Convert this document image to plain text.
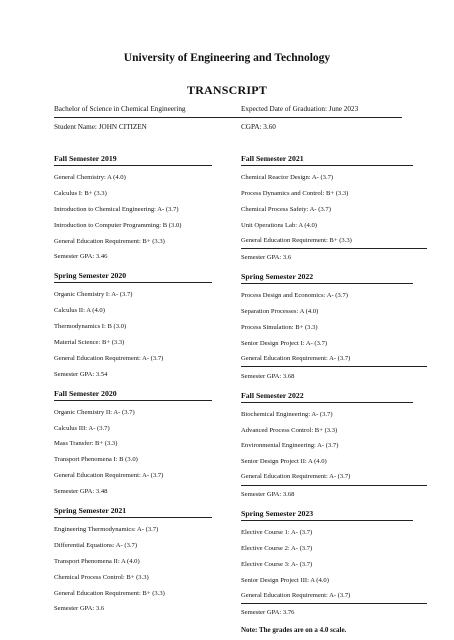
University of Engineering and Technology
TRANSCRIPT
Bachelor of Science in Chemical Engineering	Expected Date of Graduation: June 2023
Student Name: JOHN CITIZEN	CGPA: 3.60
Fall Semester 2019
General Chemistry: A (4.0)
Calculus I: B+ (3.3)
Introduction to Chemical Engineering: A- (3.7)
Introduction to Computer Programming: B (3.0)
General Education Requirement: B+ (3.3)
Semester GPA: 3.46
Spring Semester 2020
Organic Chemistry I: A- (3.7)
Calculus II: A (4.0)
Thermodynamics I: B (3.0)
Material Science: B+ (3.3)
General Education Requirement: A- (3.7)
Semester GPA: 3.54
Fall Semester 2020
Organic Chemistry II: A- (3.7)
Calculus III: A- (3.7)
Mass Transfer: B+ (3.3)
Transport Phenomena I: B (3.0)
General Education Requirement: A- (3.7)
Semester GPA: 3.48
Spring Semester 2021
Engineering Thermodynamics: A- (3.7)
Differential Equations: A- (3.7)
Transport Phenomena II: A (4.0)
Chemical Process Control: B+ (3.3)
General Education Requirement: B+ (3.3)
Semester GPA: 3.6
Fall Semester 2021
Chemical Reactor Design: A- (3.7)
Process Dynamics and Control: B+ (3.3)
Chemical Process Safety: A- (3.7)
Unit Operations Lab: A (4.0)
General Education Requirement: B+ (3.3)
Semester GPA: 3.6
Spring Semester 2022
Process Design and Economics: A- (3.7)
Separation Processes: A (4.0)
Process Simulation: B+ (3.3)
Senior Design Project I: A- (3.7)
General Education Requirement: A- (3.7)
Semester GPA: 3.68
Fall Semester 2022
Biochemical Engineering: A- (3.7)
Advanced Process Control: B+ (3.3)
Environmental Engineering: A- (3.7)
Senior Design Project II: A (4.0)
General Education Requirement: A- (3.7)
Semester GPA: 3.68
Spring Semester 2023
Elective Course 1: A- (3.7)
Elective Course 2: A- (3.7)
Elective Course 3: A- (3.7)
Senior Design Project III: A (4.0)
General Education Requirement: A- (3.7)
Semester GPA: 3.76
Note: The grades are on a 4.0 scale.
